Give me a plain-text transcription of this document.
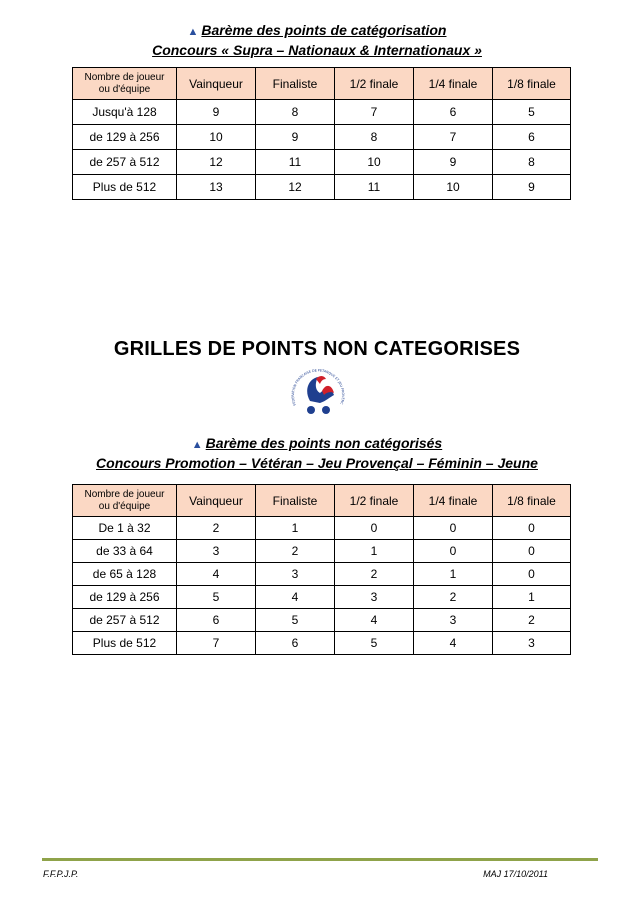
▲ Barème des points de catégorisation
Concours « Supra – Nationaux & Internationaux »
Nombre de joueur
ou d'équipe	Vainqueur	Finaliste	1/2 finale	1/4 finale	1/8 finale
Jusqu'à 128	9	8	7	6	5
de 129 à 256	10	9	8	7	6
de 257 à 512	12	11	10	9	8
Plus de 512	13	12	11	10	9
GRILLES DE POINTS NON CATEGORISES
FEDERATION FRANCAISE DE PETANQUE ET JEU PROVENC
▲ Barème des points non catégorisés
Concours Promotion – Vétéran – Jeu Provençal – Féminin – Jeune
Nombre de joueur
ou d'équipe	Vainqueur	Finaliste	1/2 finale	1/4 finale	1/8 finale
De 1 à 32	2	1	0	0	0
de 33 à 64	3	2	1	0	0
de 65 à 128	4	3	2	1	0
de 129 à 256	5	4	3	2	1
de 257 à 512	6	5	4	3	2
Plus de 512	7	6	5	4	3
F.F.P.J.P.	MAJ 17/10/2011
